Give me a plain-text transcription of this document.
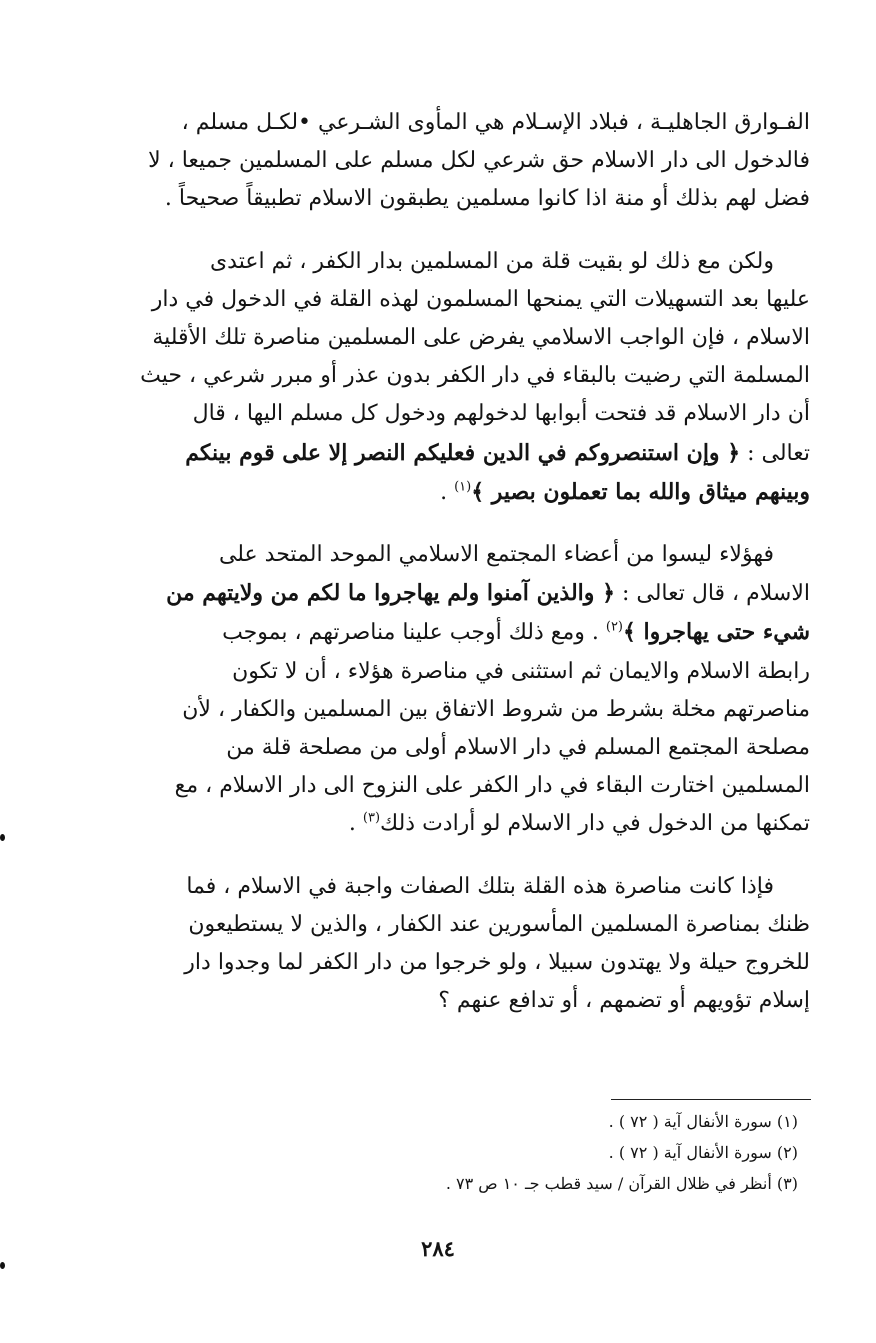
الفـوارق الجاهليـة ، فبلاد الإسـلام هي المأوى الشـرعي •لكـل مسلم ،
فالدخول الى دار الاسلام حق شرعي لكل مسلم على المسلمين جميعا ، لا
فضل لهم بذلك أو منة اذا كانوا مسلمين يطبقون الاسلام تطبيقاً صحيحاً .

ولكن مع ذلك لو بقيت قلة من المسلمين بدار الكفر ، ثم اعتدى
عليها بعد التسهيلات التي يمنحها المسلمون لهذه القلة في الدخول في دار
الاسلام ، فإن الواجب الاسلامي يفرض على المسلمين مناصرة تلك الأقلية
المسلمة التي رضيت بالبقاء في دار الكفر بدون عذر أو مبرر شرعي ، حيث
أن دار الاسلام قد فتحت أبوابها لدخولهم ودخول كل مسلم اليها ، قال
تعالى : ﴿ وإن استنصروكم في الدين فعليكم النصر إلا على قوم بينكم
وبينهم ميثاق والله بما تعملون بصير ﴾$^{(١)}$ .

فهؤلاء ليسوا من أعضاء المجتمع الاسلامي الموحد المتحد على
الاسلام ، قال تعالى : ﴿ والذين آمنوا ولم يهاجروا ما لكم من ولايتهم من
شيء حتى يهاجروا ﴾$^{(٢)}$ . ومع ذلك أوجب علينا مناصرتهم ، بموجب
رابطة الاسلام والايمان ثم استثنى في مناصرة هؤلاء ، أن لا تكون
مناصرتهم مخلة بشرط من شروط الاتفاق بين المسلمين والكفار ، لأن
مصلحة المجتمع المسلم في دار الاسلام أولى من مصلحة قلة من
المسلمين اختارت البقاء في دار الكفر على النزوح الى دار الاسلام ، مع
تمكنها من الدخول في دار الاسلام لو أرادت ذلك$^{(٣)}$ .

فإذا كانت مناصرة هذه القلة بتلك الصفات واجبة في الاسلام ، فما
ظنك بمناصرة المسلمين المأسورين عند الكفار ، والذين لا يستطيعون
للخروج حيلة ولا يهتدون سبيلا ، ولو خرجوا من دار الكفر لما وجدوا دار
إسلام تؤويهم أو تضمهم ، أو تدافع عنهم ؟

(١) سورة الأنفال آية ( ٧٢ ) .
(٢) سورة الأنفال آية ( ٧٢ ) .
(٣) أنظر في ظلال القرآن / سيد قطب جـ ١٠ ص ٧٣ .
٢٨٤
